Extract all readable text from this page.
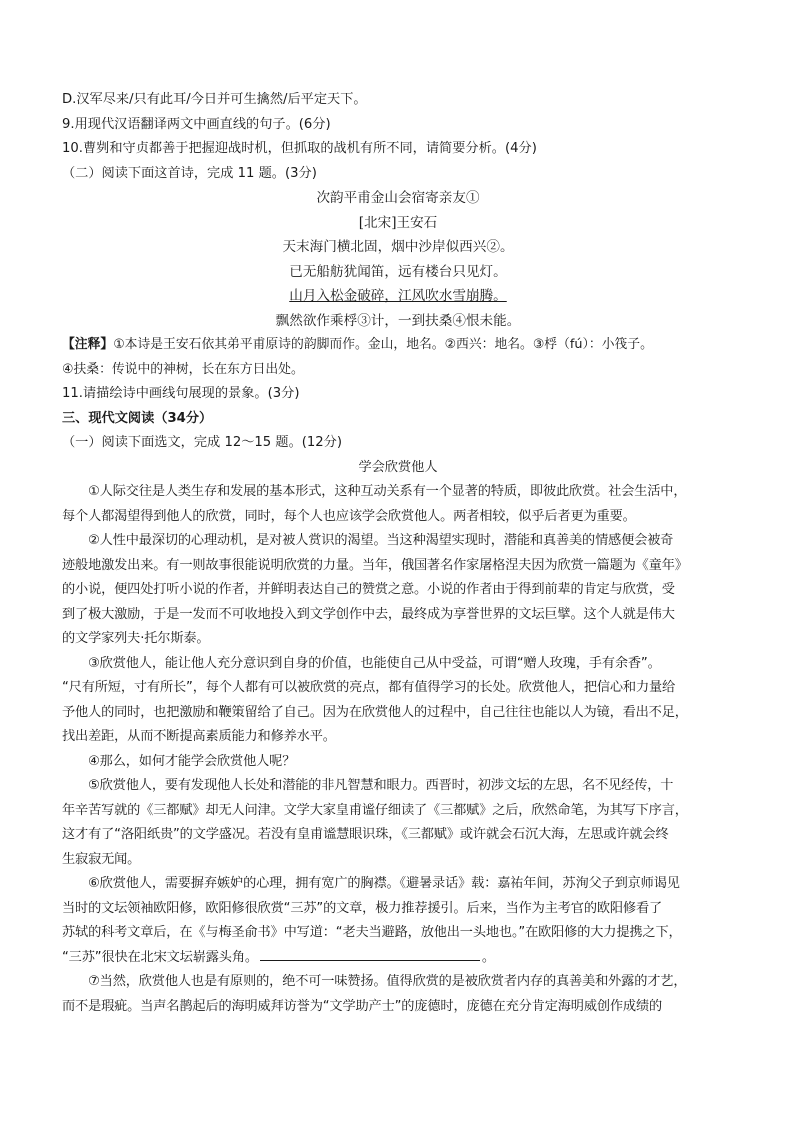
D.汉军尽来/只有此耳/今日并可生擒然/后平定天下。
9.用现代汉语翻译两文中画直线的句子。(6分)
10.曹刿和守贞都善于把握迎战时机，但抓取的战机有所不同，请简要分析。(4分)
（二）阅读下面这首诗，完成 11 题。(3分)
次韵平甫金山会宿寄亲友①
[北宋]王安石
天末海门横北固，烟中沙岸似西兴②。
已无船舫犹闻笛，远有楼台只见灯。
山月入松金破碎，江风吹水雪崩腾。
飘然欲作乘桴③计，一到扶桑④恨未能。
【注释】①本诗是王安石依其弟平甫原诗的韵脚而作。金山，地名。②西兴：地名。③桴（fú）：小筏子。
④扶桑：传说中的神树，长在东方日出处。
11.请描绘诗中画线句展现的景象。(3分)
三、现代文阅读（34分）
（一）阅读下面选文，完成 12～15 题。(12分)
学会欣赏他人
①人际交往是人类生存和发展的基本形式，这种互动关系有一个显著的特质，即彼此欣赏。社会生活中，
每个人都渴望得到他人的欣赏，同时，每个人也应该学会欣赏他人。两者相较，似乎后者更为重要。
②人性中最深切的心理动机，是对被人赏识的渴望。当这种渴望实现时，潜能和真善美的情感便会被奇
迹般地激发出来。有一则故事很能说明欣赏的力量。当年，俄国著名作家屠格涅夫因为欣赏一篇题为《童年》
的小说，便四处打听小说的作者，并鲜明表达自己的赞赏之意。小说的作者由于得到前辈的肯定与欣赏，受
到了极大激励，于是一发而不可收地投入到文学创作中去，最终成为享誉世界的文坛巨擘。这个人就是伟大
的文学家列夫·托尔斯泰。
③欣赏他人，能让他人充分意识到自身的价值，也能使自己从中受益，可谓“赠人玫瑰，手有余香”。
“尺有所短，寸有所长”，每个人都有可以被欣赏的亮点，都有值得学习的长处。欣赏他人，把信心和力量给
予他人的同时，也把激励和鞭策留给了自己。因为在欣赏他人的过程中，自己往往也能以人为镜，看出不足，
找出差距，从而不断提高素质能力和修养水平。
④那么，如何才能学会欣赏他人呢？
⑤欣赏他人，要有发现他人长处和潜能的非凡智慧和眼力。西晋时，初涉文坛的左思，名不见经传，十
年辛苦写就的《三都赋》却无人问津。文学大家皇甫谧仔细读了《三都赋》之后，欣然命笔，为其写下序言，
这才有了“洛阳纸贵”的文学盛况。若没有皇甫谧慧眼识珠，《三都赋》或许就会石沉大海，左思或许就会终
生寂寂无闻。
⑥欣赏他人，需要摒弃嫉妒的心理，拥有宽广的胸襟。《避暑录话》载：嘉祐年间，苏洵父子到京师谒见
当时的文坛领袖欧阳修，欧阳修很欣赏“三苏”的文章，极力推荐援引。后来，当作为主考官的欧阳修看了
苏轼的科考文章后，在《与梅圣俞书》中写道：“老夫当避路，放他出一头地也。”在欧阳修的大力提携之下，
“三苏”很快在北宋文坛崭露头角。	。
⑦当然，欣赏他人也是有原则的，绝不可一味赞扬。值得欣赏的是被欣赏者内存的真善美和外露的才艺，
而不是瑕疵。当声名鹊起后的海明威拜访誉为“文学助产士”的庞德时，庞德在充分肯定海明威创作成绩的
